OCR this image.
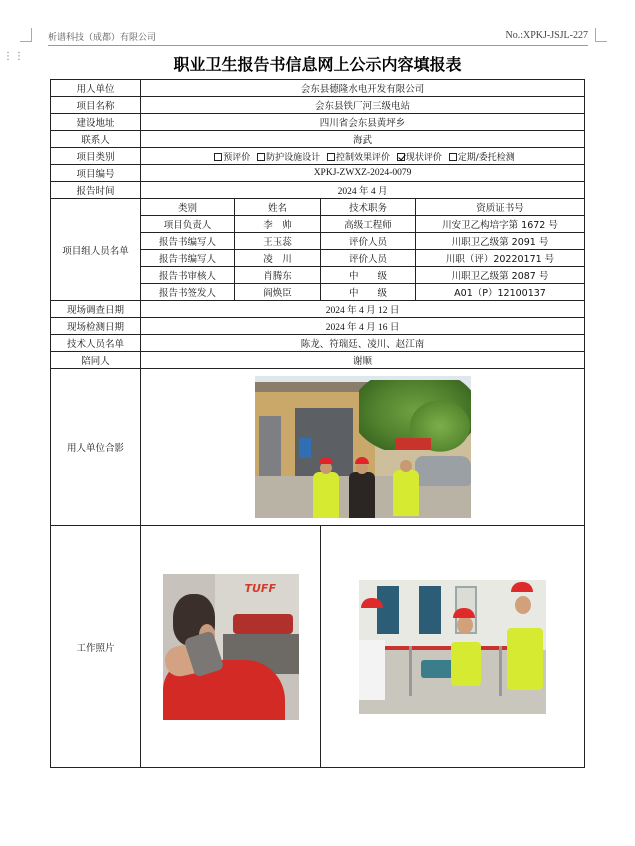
析谱科技（成都）有限公司	No.:XPKJ-JSJL-227
⋮⋮	职业卫生报告书信息网上公示内容填报表
用人单位	会东县德隆水电开发有限公司			
项目名称	会东县铁厂河三级电站			
建设地址	四川省会东县黄坪乡			
联系人	海武			
项目类别	预评价 防护设施设计 控制效果评价 现状评价 定期/委托检测			
项目编号	XPKJ-ZWXZ-2024-0079			
报告时间	2024 年 4 月			
项目组人员名单	类别	姓名	技术职务	资质证书号
	项目负责人	李　帅	高级工程师	川安卫乙构培字第 1672 号
	报告书编写人	王玉蕊	评价人员	川职卫乙级第 2091 号
	报告书编写人	凌　川	评价人员	川职（评）20220171 号
	报告书审核人	肖腾东	中　　级	川职卫乙级第 2087 号
	报告书签发人	阎焕臣	中　　级	A01（P）12100137
现场调查日期	2024 年 4 月 12 日			
现场检测日期	2024 年 4 月 16 日			
技术人员名单	陈龙、符瑞廷、凌川、赵江南			
陪同人	谢顺			
用人单位合影				

工作照片	TUFF			
